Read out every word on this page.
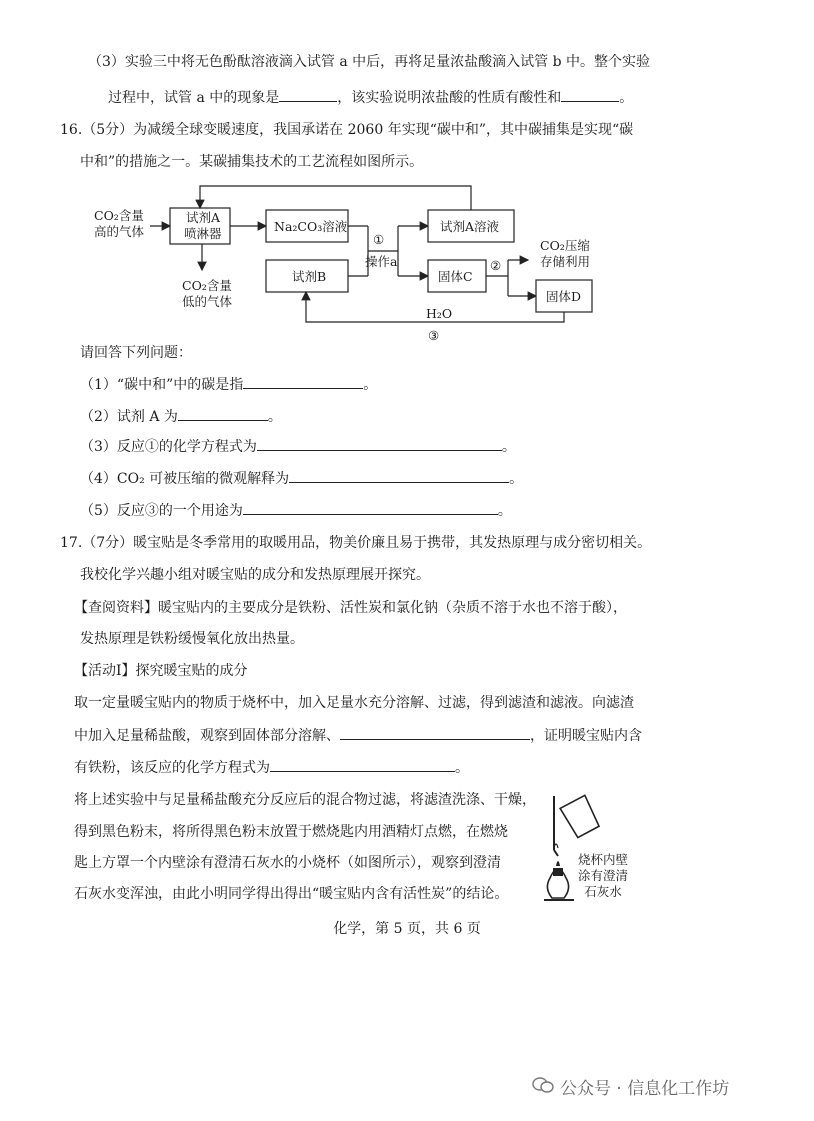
（3）实验三中将无色酚酞溶液滴入试管 a 中后，再将足量浓盐酸滴入试管 b 中。整个实验
过程中，试管 a 中的现象是	，该实验说明浓盐酸的性质有酸性和	。
16.（5分）为减缓全球变暖速度，我国承诺在 2060 年实现“碳中和”，其中碳捕集是实现“碳
中和”的措施之一。某碳捕集技术的工艺流程如图所示。
CO₂含量
高的气体
试剂A
喷淋器
CO₂含量
低的气体
Na₂CO₃溶液
试剂B
①
操作a
试剂A溶液
固体C
②
CO₂压缩
存储利用
固体D
H₂O
③
请回答下列问题：
（1）“碳中和”中的碳是指	。
（2）试剂 A 为	。
（3）反应①的化学方程式为	。
（4）CO₂ 可被压缩的微观解释为	。
（5）反应③的一个用途为	。
17.（7分）暖宝贴是冬季常用的取暖用品，物美价廉且易于携带，其发热原理与成分密切相关。
我校化学兴趣小组对暖宝贴的成分和发热原理展开探究。
【查阅资料】暖宝贴内的主要成分是铁粉、活性炭和氯化钠（杂质不溶于水也不溶于酸），
发热原理是铁粉缓慢氧化放出热量。
【活动Ⅰ】探究暖宝贴的成分
取一定量暖宝贴内的物质于烧杯中，加入足量水充分溶解、过滤，得到滤渣和滤液。向滤渣
中加入足量稀盐酸，观察到固体部分溶解、	，证明暖宝贴内含
有铁粉，该反应的化学方程式为	。
将上述实验中与足量稀盐酸充分反应后的混合物过滤，将滤渣洗涤、干燥，
得到黑色粉末，将所得黑色粉末放置于燃烧匙内用酒精灯点燃，在燃烧
匙上方罩一个内壁涂有澄清石灰水的小烧杯（如图所示），观察到澄清
石灰水变浑浊，由此小明同学得出得出“暖宝贴内含有活性炭”的结论。
烧杯内壁
涂有澄清
石灰水
化学，第 5 页，共 6 页
公众号 · 信息化工作坊
